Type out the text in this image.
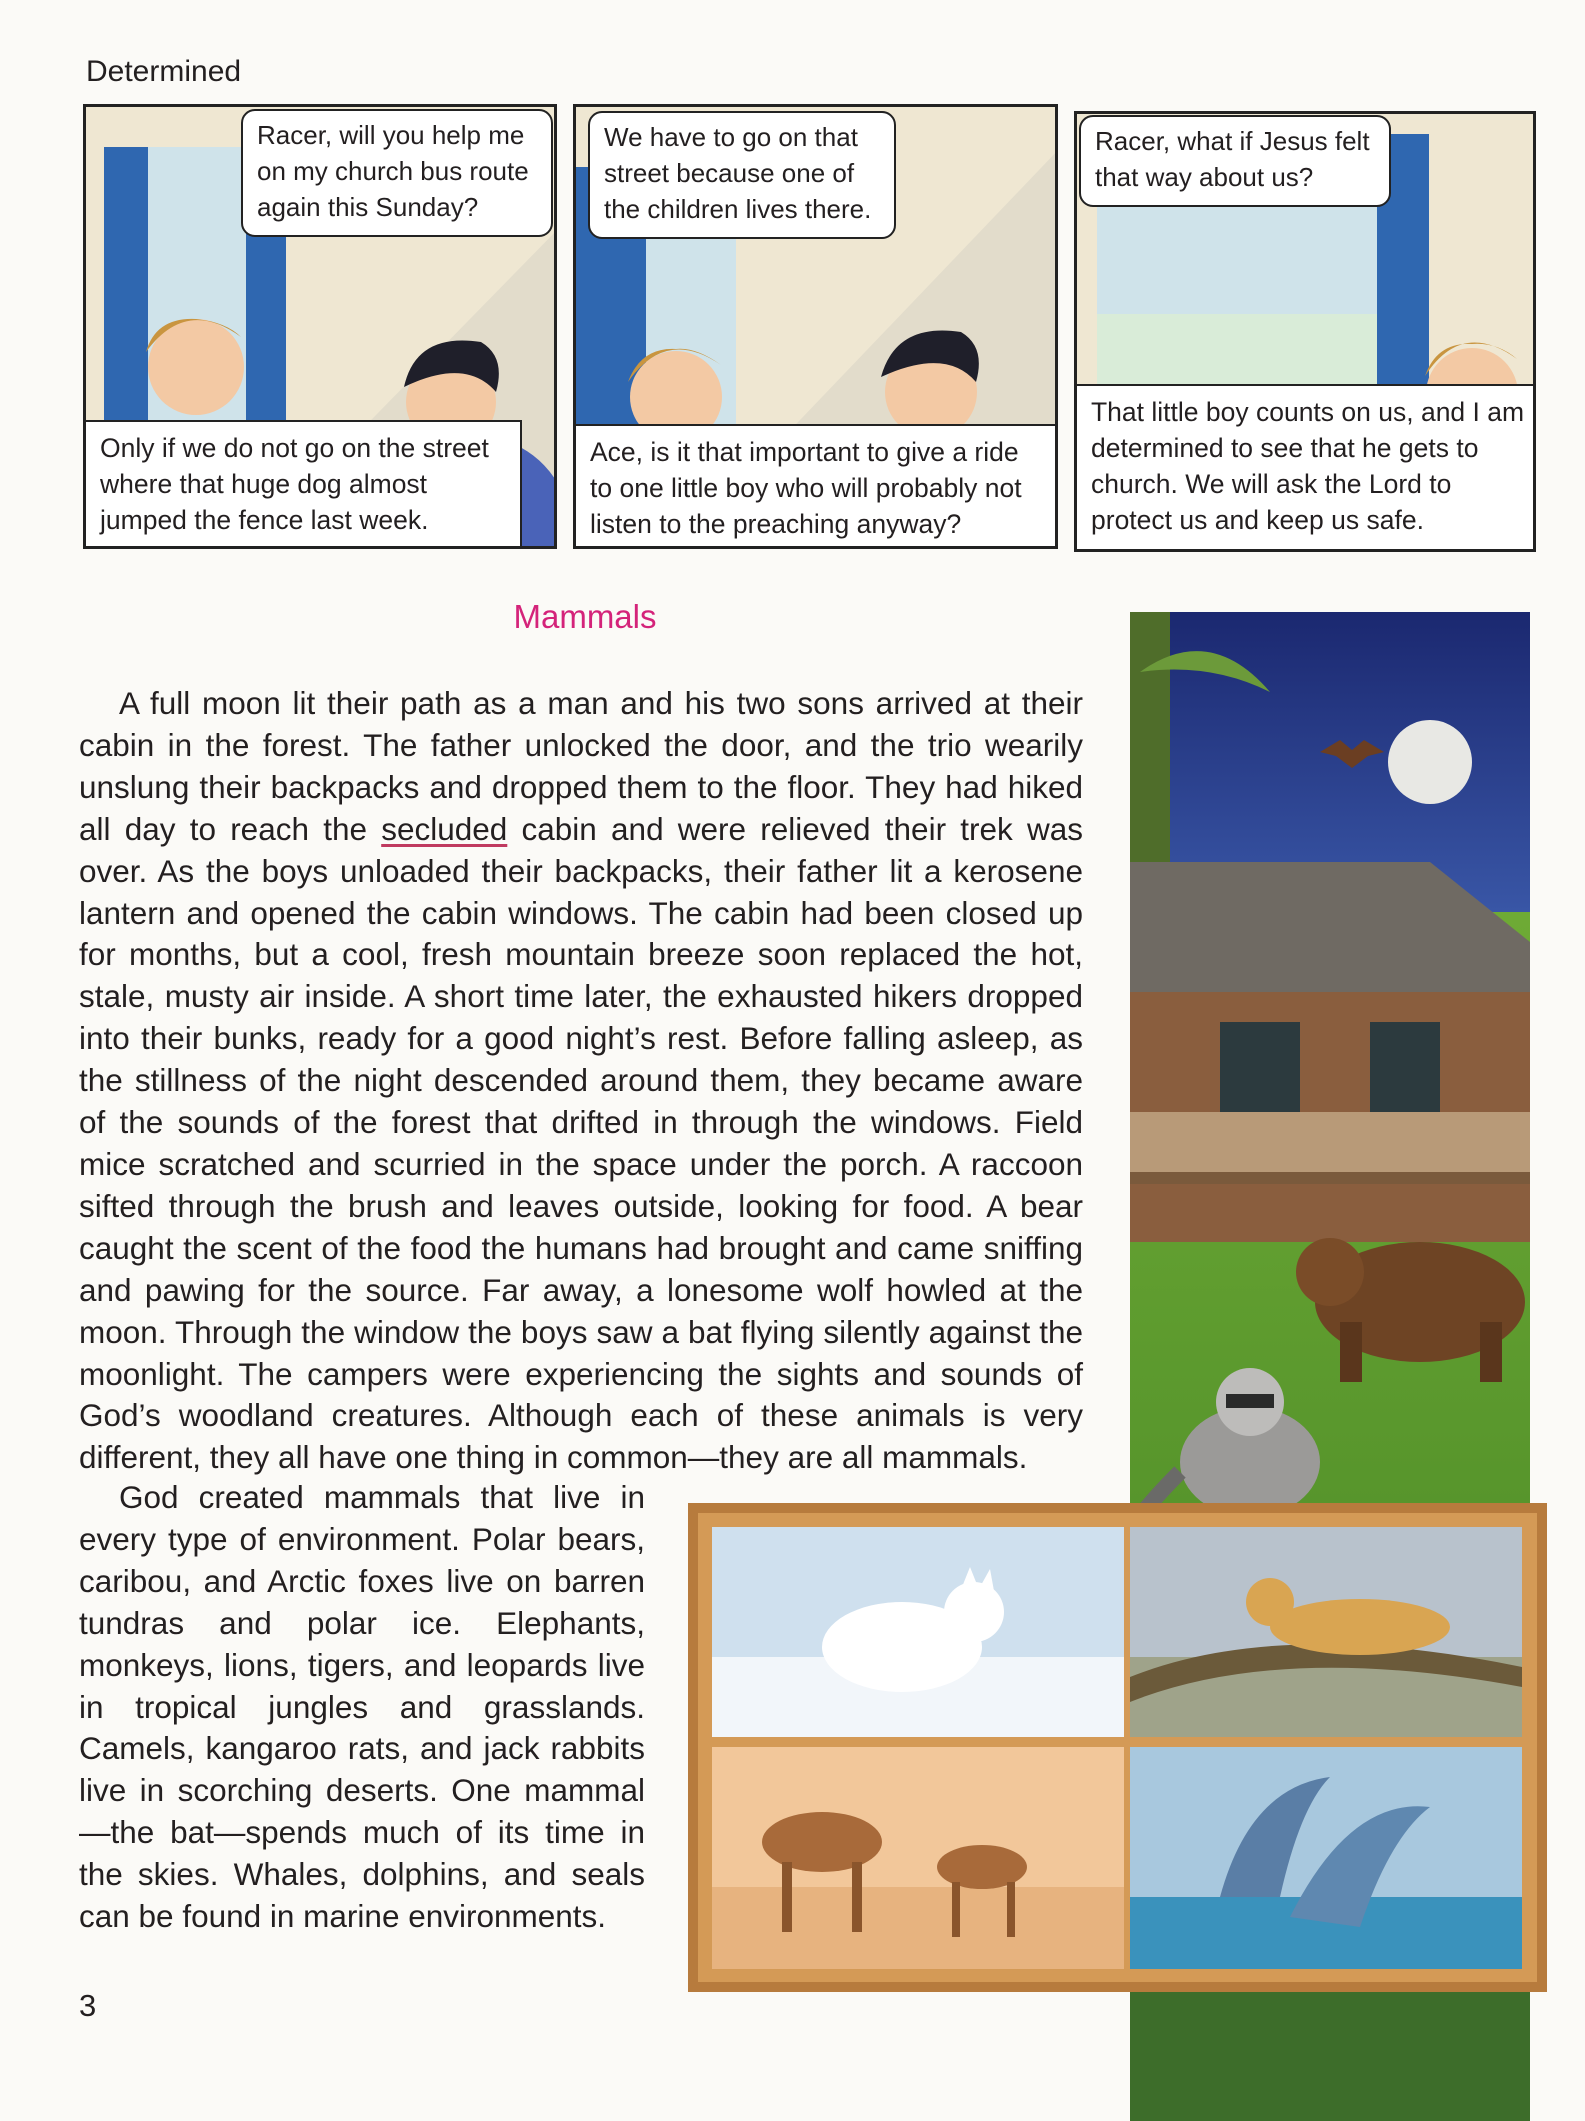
Determined
Racer, will you help me on my church bus route again this Sunday?
Only if we do not go on the street where that huge dog almost jumped the fence last week.
We have to go on that street because one of the children lives there.
Ace, is it that important to give a ride to one little boy who will probably not listen to the preaching anyway?
Racer, what if Jesus felt that way about us?
That little boy counts on us, and I am determined to see that he gets to church. We will ask the Lord to protect us and keep us safe.
Mammals

A full moon lit their path as a man and his two sons arrived at their cabin in the forest. The father unlocked the door, and the trio wearily unslung their backpacks and dropped them to the floor. They had hiked all day to reach the secluded cabin and were relieved their trek was over. As the boys unloaded their backpacks, their father lit a kerosene lantern and opened the cabin windows. The cabin had been closed up for months, but a cool, fresh mountain breeze soon replaced the hot, stale, musty air inside. A short time later, the exhausted hikers dropped into their bunks, ready for a good night’s rest. Before falling asleep, as the stillness of the night descended around them, they became aware of the sounds of the forest that drifted in through the windows. Field mice scratched and scurried in the space under the porch. A raccoon sifted through the brush and leaves outside, looking for food. A bear caught the scent of the food the humans had brought and came sniffing and pawing for the source. Far away, a lonesome wolf howled at the moon. Through the window the boys saw a bat flying silently against the moonlight. The campers were experiencing the sights and sounds of God’s woodland creatures. Although each of these animals is very different, they all have one thing in common—they are all mammals.

God created mammals that live in every type of environment. Polar bears, caribou, and Arctic foxes live on barren tundras and polar ice. Elephants, monkeys, lions, tigers, and leopards live in tropical jungles and grasslands. Camels, kangaroo rats, and jack rabbits live in scorching deserts. One mammal—the bat—spends much of its time in the skies. Whales, dolphins, and seals can be found in marine environments.

3
